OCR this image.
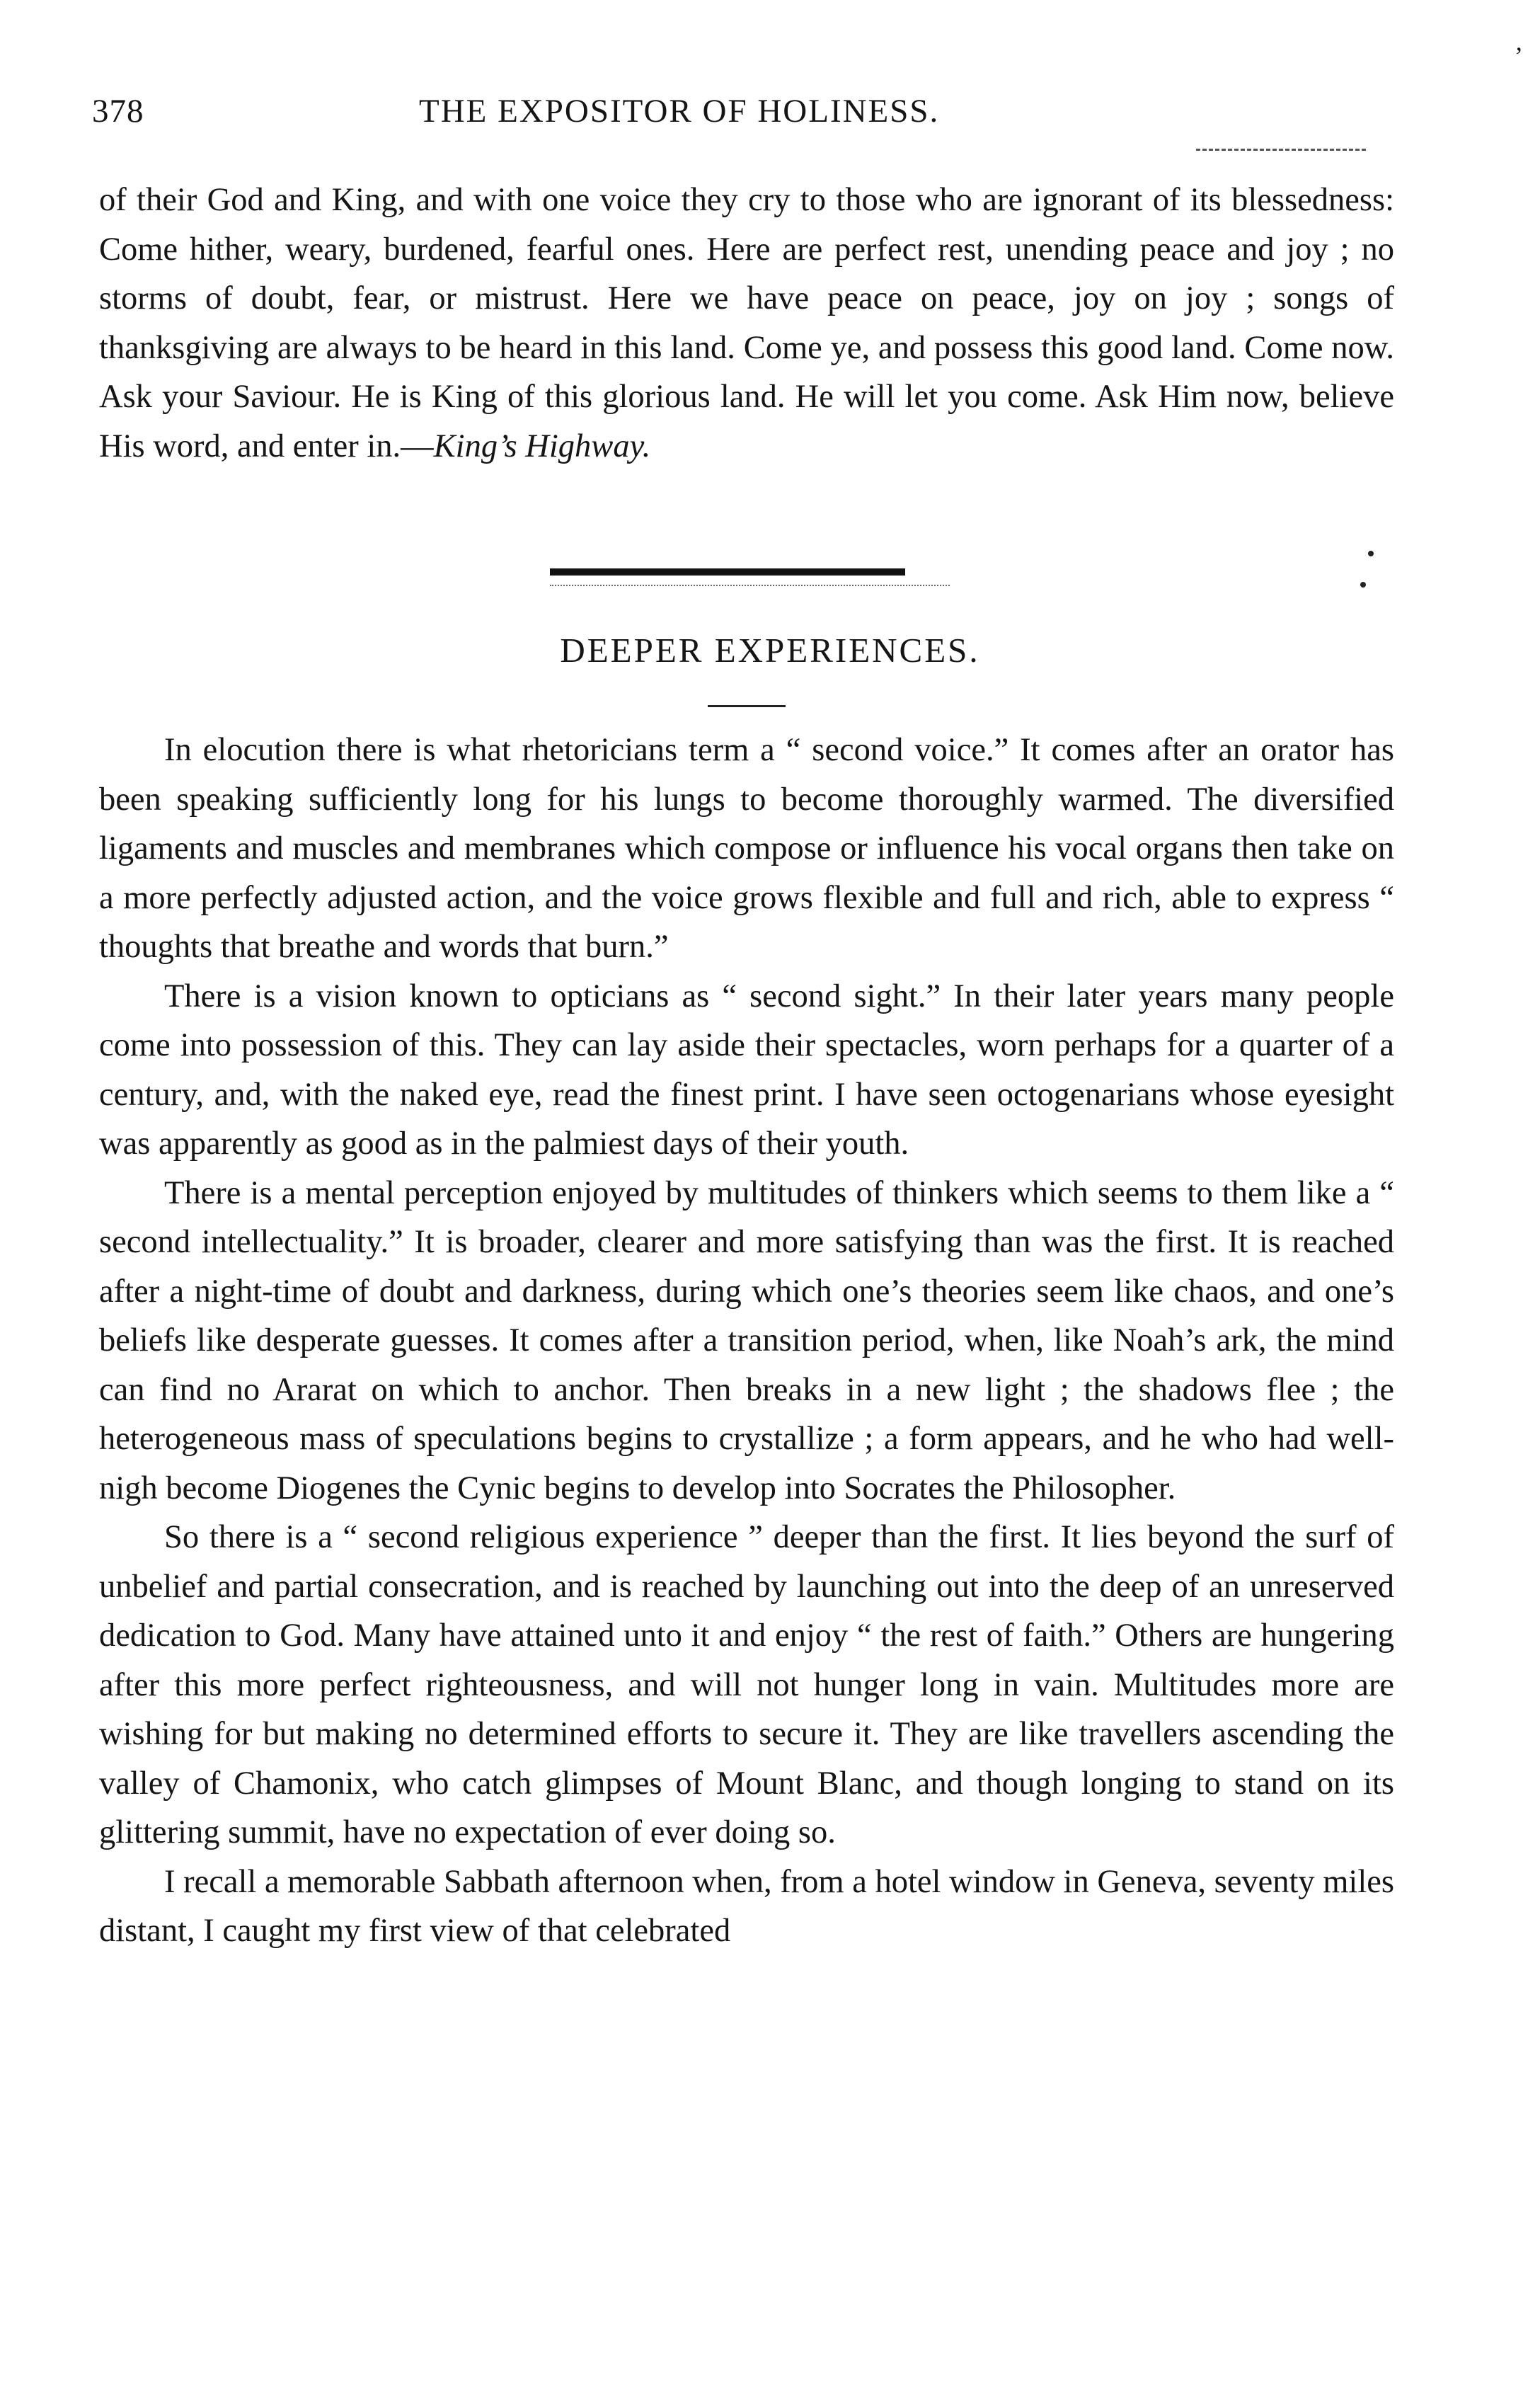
378	THE EXPOSITOR OF HOLINESS.
’

of their God and King, and with one voice they cry to those who are ignorant of its blessedness: Come hither, weary, burdened, fearful ones. Here are perfect rest, unending peace and joy ; no storms of doubt, fear, or mistrust. Here we have peace on peace, joy on joy ; songs of thanksgiving are always to be heard in this land. Come ye, and possess this good land. Come now. Ask your Saviour. He is King of this glorious land. He will let you come. Ask Him now, believe His word, and enter in.—King’s Highway.

DEEPER EXPERIENCES.

In elocution there is what rhetoricians term a “ second voice.” It comes after an orator has been speaking sufficiently long for his lungs to become thoroughly warmed. The diversified ligaments and muscles and membranes which compose or influence his vocal organs then take on a more perfectly adjusted action, and the voice grows flexible and full and rich, able to express “ thoughts that breathe and words that burn.”

There is a vision known to opticians as “ second sight.” In their later years many people come into possession of this. They can lay aside their spectacles, worn perhaps for a quarter of a century, and, with the naked eye, read the finest print. I have seen octogenarians whose eyesight was apparently as good as in the palmiest days of their youth.

There is a mental perception enjoyed by multitudes of thinkers which seems to them like a “ second intellectuality.” It is broader, clearer and more satisfying than was the first. It is reached after a night-time of doubt and darkness, during which one’s theories seem like chaos, and one’s beliefs like desperate guesses. It comes after a transition period, when, like Noah’s ark, the mind can find no Ararat on which to anchor. Then breaks in a new light ; the shadows flee ; the heterogeneous mass of speculations begins to crystallize ; a form appears, and he who had well-nigh become Diogenes the Cynic begins to develop into Socrates the Philosopher.

So there is a “ second religious experience ” deeper than the first. It lies beyond the surf of unbelief and partial consecration, and is reached by launching out into the deep of an unreserved dedication to God. Many have attained unto it and enjoy “ the rest of faith.” Others are hungering after this more perfect righteousness, and will not hunger long in vain. Multitudes more are wishing for but making no determined efforts to secure it. They are like travellers ascending the valley of Chamonix, who catch glimpses of Mount Blanc, and though longing to stand on its glittering summit, have no expectation of ever doing so.

I recall a memorable Sabbath afternoon when, from a hotel window in Geneva, seventy miles distant, I caught my first view of that celebrated
